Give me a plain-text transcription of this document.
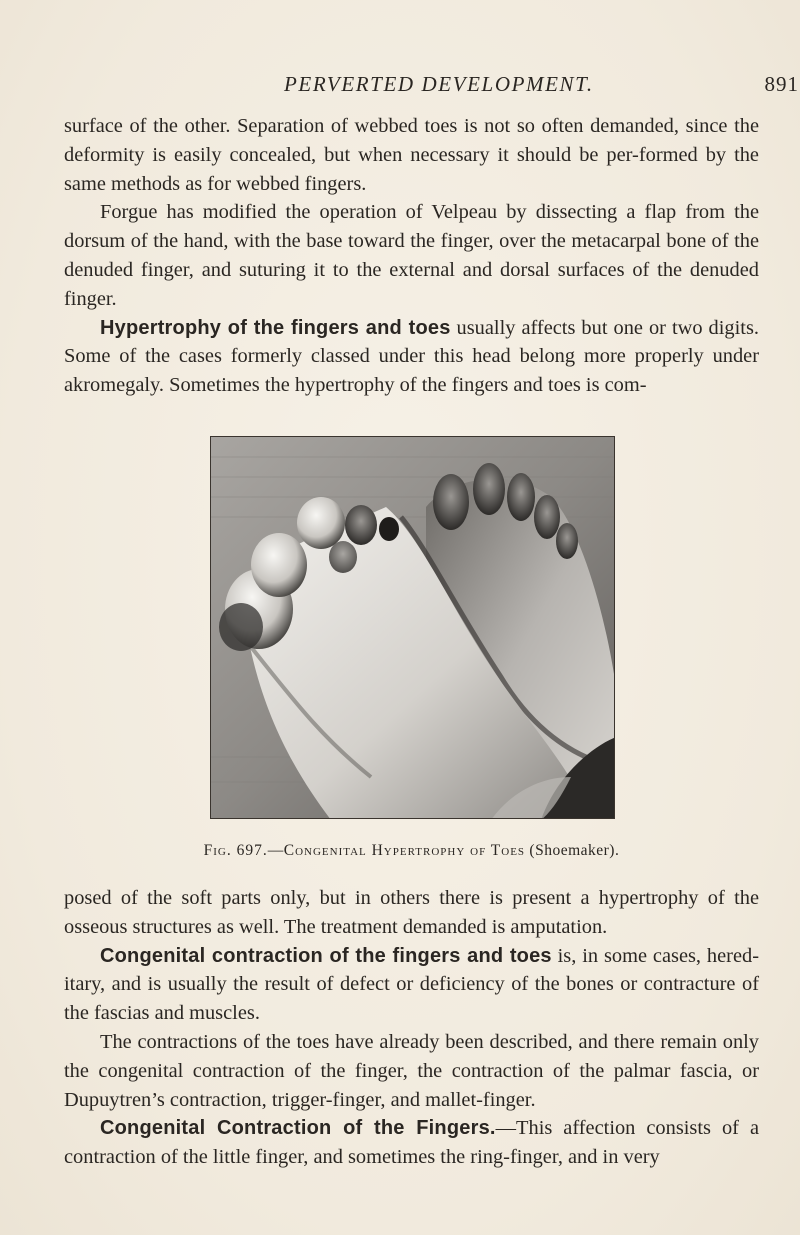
PERVERTED DEVELOPMENT.	891

surface of the other. Separation of webbed toes is not so often demanded, since the deformity is easily concealed, but when necessary it should be per-formed by the same methods as for webbed fingers.

Forgue has modified the operation of Velpeau by dissecting a flap from the dorsum of the hand, with the base toward the finger, over the metacarpal bone of the denuded finger, and suturing it to the external and dorsal surfaces of the denuded finger.

Hypertrophy of the fingers and toes usually affects but one or two digits. Some of the cases formerly classed under this head belong more properly under akromegaly. Sometimes the hypertrophy of the fingers and toes is com-

Fig. 697.—Congenital Hypertrophy of Toes (Shoemaker).

posed of the soft parts only, but in others there is present a hypertrophy of the osseous structures as well. The treatment demanded is amputation.

Congenital contraction of the fingers and toes is, in some cases, hered-itary, and is usually the result of defect or deficiency of the bones or contracture of the fascias and muscles.

The contractions of the toes have already been described, and there remain only the congenital contraction of the finger, the contraction of the palmar fascia, or Dupuytren’s contraction, trigger-finger, and mallet-finger.

Congenital Contraction of the Fingers.—This affection consists of a contraction of the little finger, and sometimes the ring-finger, and in very
